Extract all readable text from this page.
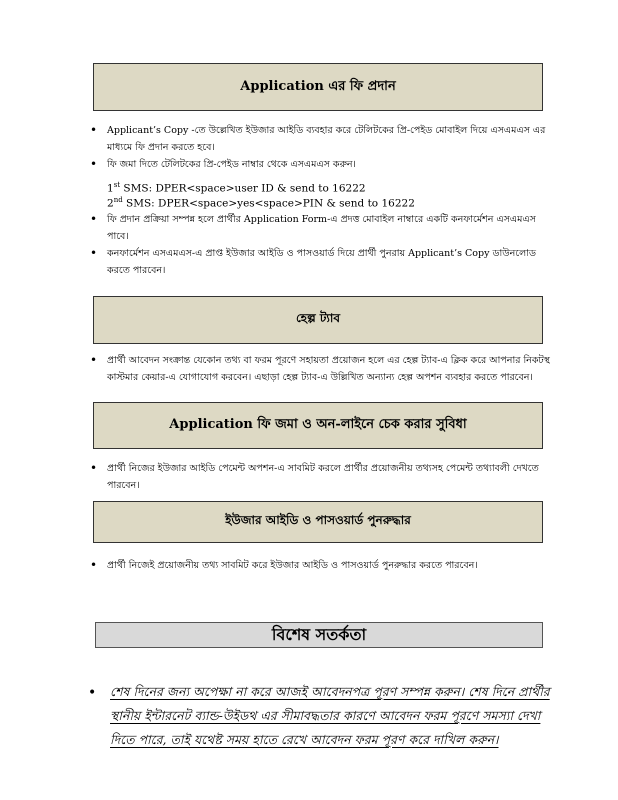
Application এর ফি প্রদান
•	Applicant’s Copy -তে উল্লেখিত ইউজার আইডি ব্যবহার করে টেলিটকের প্রি-পেইড মোবাইল দিয়ে এসএমএস এর মাধ্যমে ফি প্রদান করতে হবে।
•	ফি জমা দিতে টেলিটকের প্রি-পেইড নাম্বার থেকে এসএমএস করুন।
1st SMS: DPER<space>user ID & send to 16222
2nd SMS: DPER<space>yes<space>PIN & send to 16222
•	ফি প্রদান প্রক্রিয়া সম্পন্ন হলে প্রার্থীর Application Form-এ প্রদত্ত মোবাইল নাম্বারে একটি কনফার্মেশন এসএমএস পাবে।
•	কনফার্মেশন এসএমএস-এ প্রাপ্ত ইউজার আইডি ও পাসওয়ার্ড দিয়ে প্রার্থী পুনরায় Applicant’s Copy ডাউনলোড করতে পারবেন।
হেল্প ট্যাব
•	প্রার্থী আবেদন সংক্রান্ত যেকোন তথ্য বা ফরম পূরণে সহায়তা প্রয়োজন হলে এর হেল্প ট্যাব-এ ক্লিক করে আপনার নিকটস্থ কাস্টমার কেয়ার-এ যোগাযোগ করবেন। এছাড়া হেল্প ট্যাব-এ উল্লিখিত অন্যান্য হেল্প অপশন ব্যবহার করতে পারবেন।
Application ফি জমা ও অন-লাইনে চেক করার সুবিধা
•	প্রার্থী নিজের ইউজার আইডি পেমেন্ট অপশন-এ সাবমিট করলে প্রার্থীর প্রয়োজনীয় তথ্যসহ পেমেন্ট তথ্যাবলী দেখতে পারবেন।
ইউজার আইডি ও পাসওয়ার্ড পুনরুদ্ধার
•	প্রার্থী নিজেই প্রয়োজনীয় তথ্য সাবমিট করে ইউজার আইডি ও পাসওয়ার্ড পুনরুদ্ধার করতে পারবেন।
বিশেষ সতর্কতা
• শেষ দিনের জন্য অপেক্ষা না করে আজই আবেদনপত্র পূরণ সম্পন্ন করুন। শেষ দিনে প্রার্থীর স্থানীয় ইন্টারনেট ব্যান্ড-উইডথ এর সীমাবদ্ধতার কারণে আবেদন ফরম পূরণে সমস্যা দেখা দিতে পারে, তাই যথেষ্ট সময় হাতে রেখে আবেদন ফরম পূরণ করে দাখিল করুন।
